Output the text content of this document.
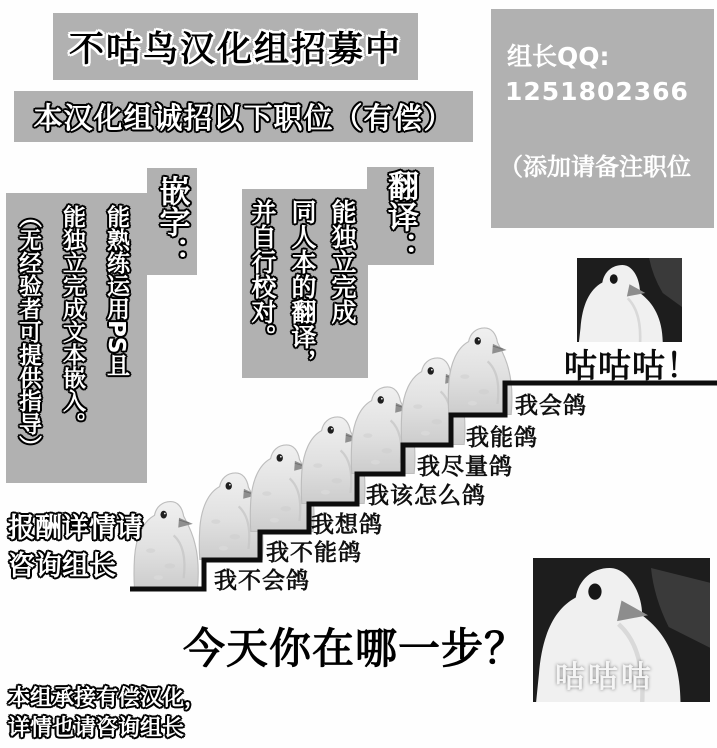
不咕鸟汉化组招募中
本汉化组诚招以下职位（有偿）
组长QQ:
1251802366
（添加请备注职位
嵌字：
能熟练运用PS且
能独立完成文本嵌入。
（无经验者可提供指导）	翻译：
能独立完成
同人本的翻译，
并自行校对。
我不会鸽
我不能鸽
我想鸽
我该怎么鸽
我尽量鸽
我能鸽
我会鸽
咕咕咕！
咕咕咕
今天你在哪一步？
报酬详情请
咨询组长
本组承接有偿汉化，
详情也请咨询组长
